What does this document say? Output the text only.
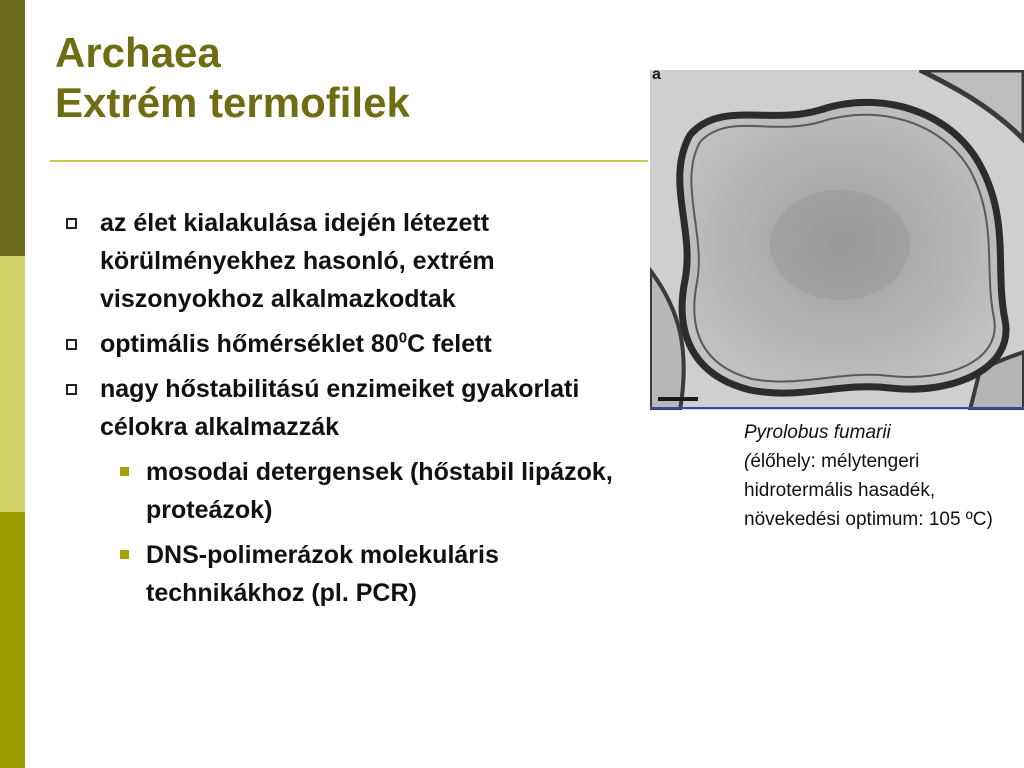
Archaea
Extrém termofilek
a
az élet kialakulása idején létezett körülményekhez hasonló, extrém viszonyokhoz alkalmazkodtak
optimális hőmérséklet $80^0C$ felett
nagy hőstabilitású enzimeiket gyakorlati célokra alkalmazzák
mosodai detergensek (hőstabil lipázok, proteázok)
DNS-polimerázok molekuláris technikákhoz (pl. PCR)
Pyrolobus fumarii
(élőhely: mélytengeri hidrotermális hasadék, növekedési optimum: 105 ºC)
